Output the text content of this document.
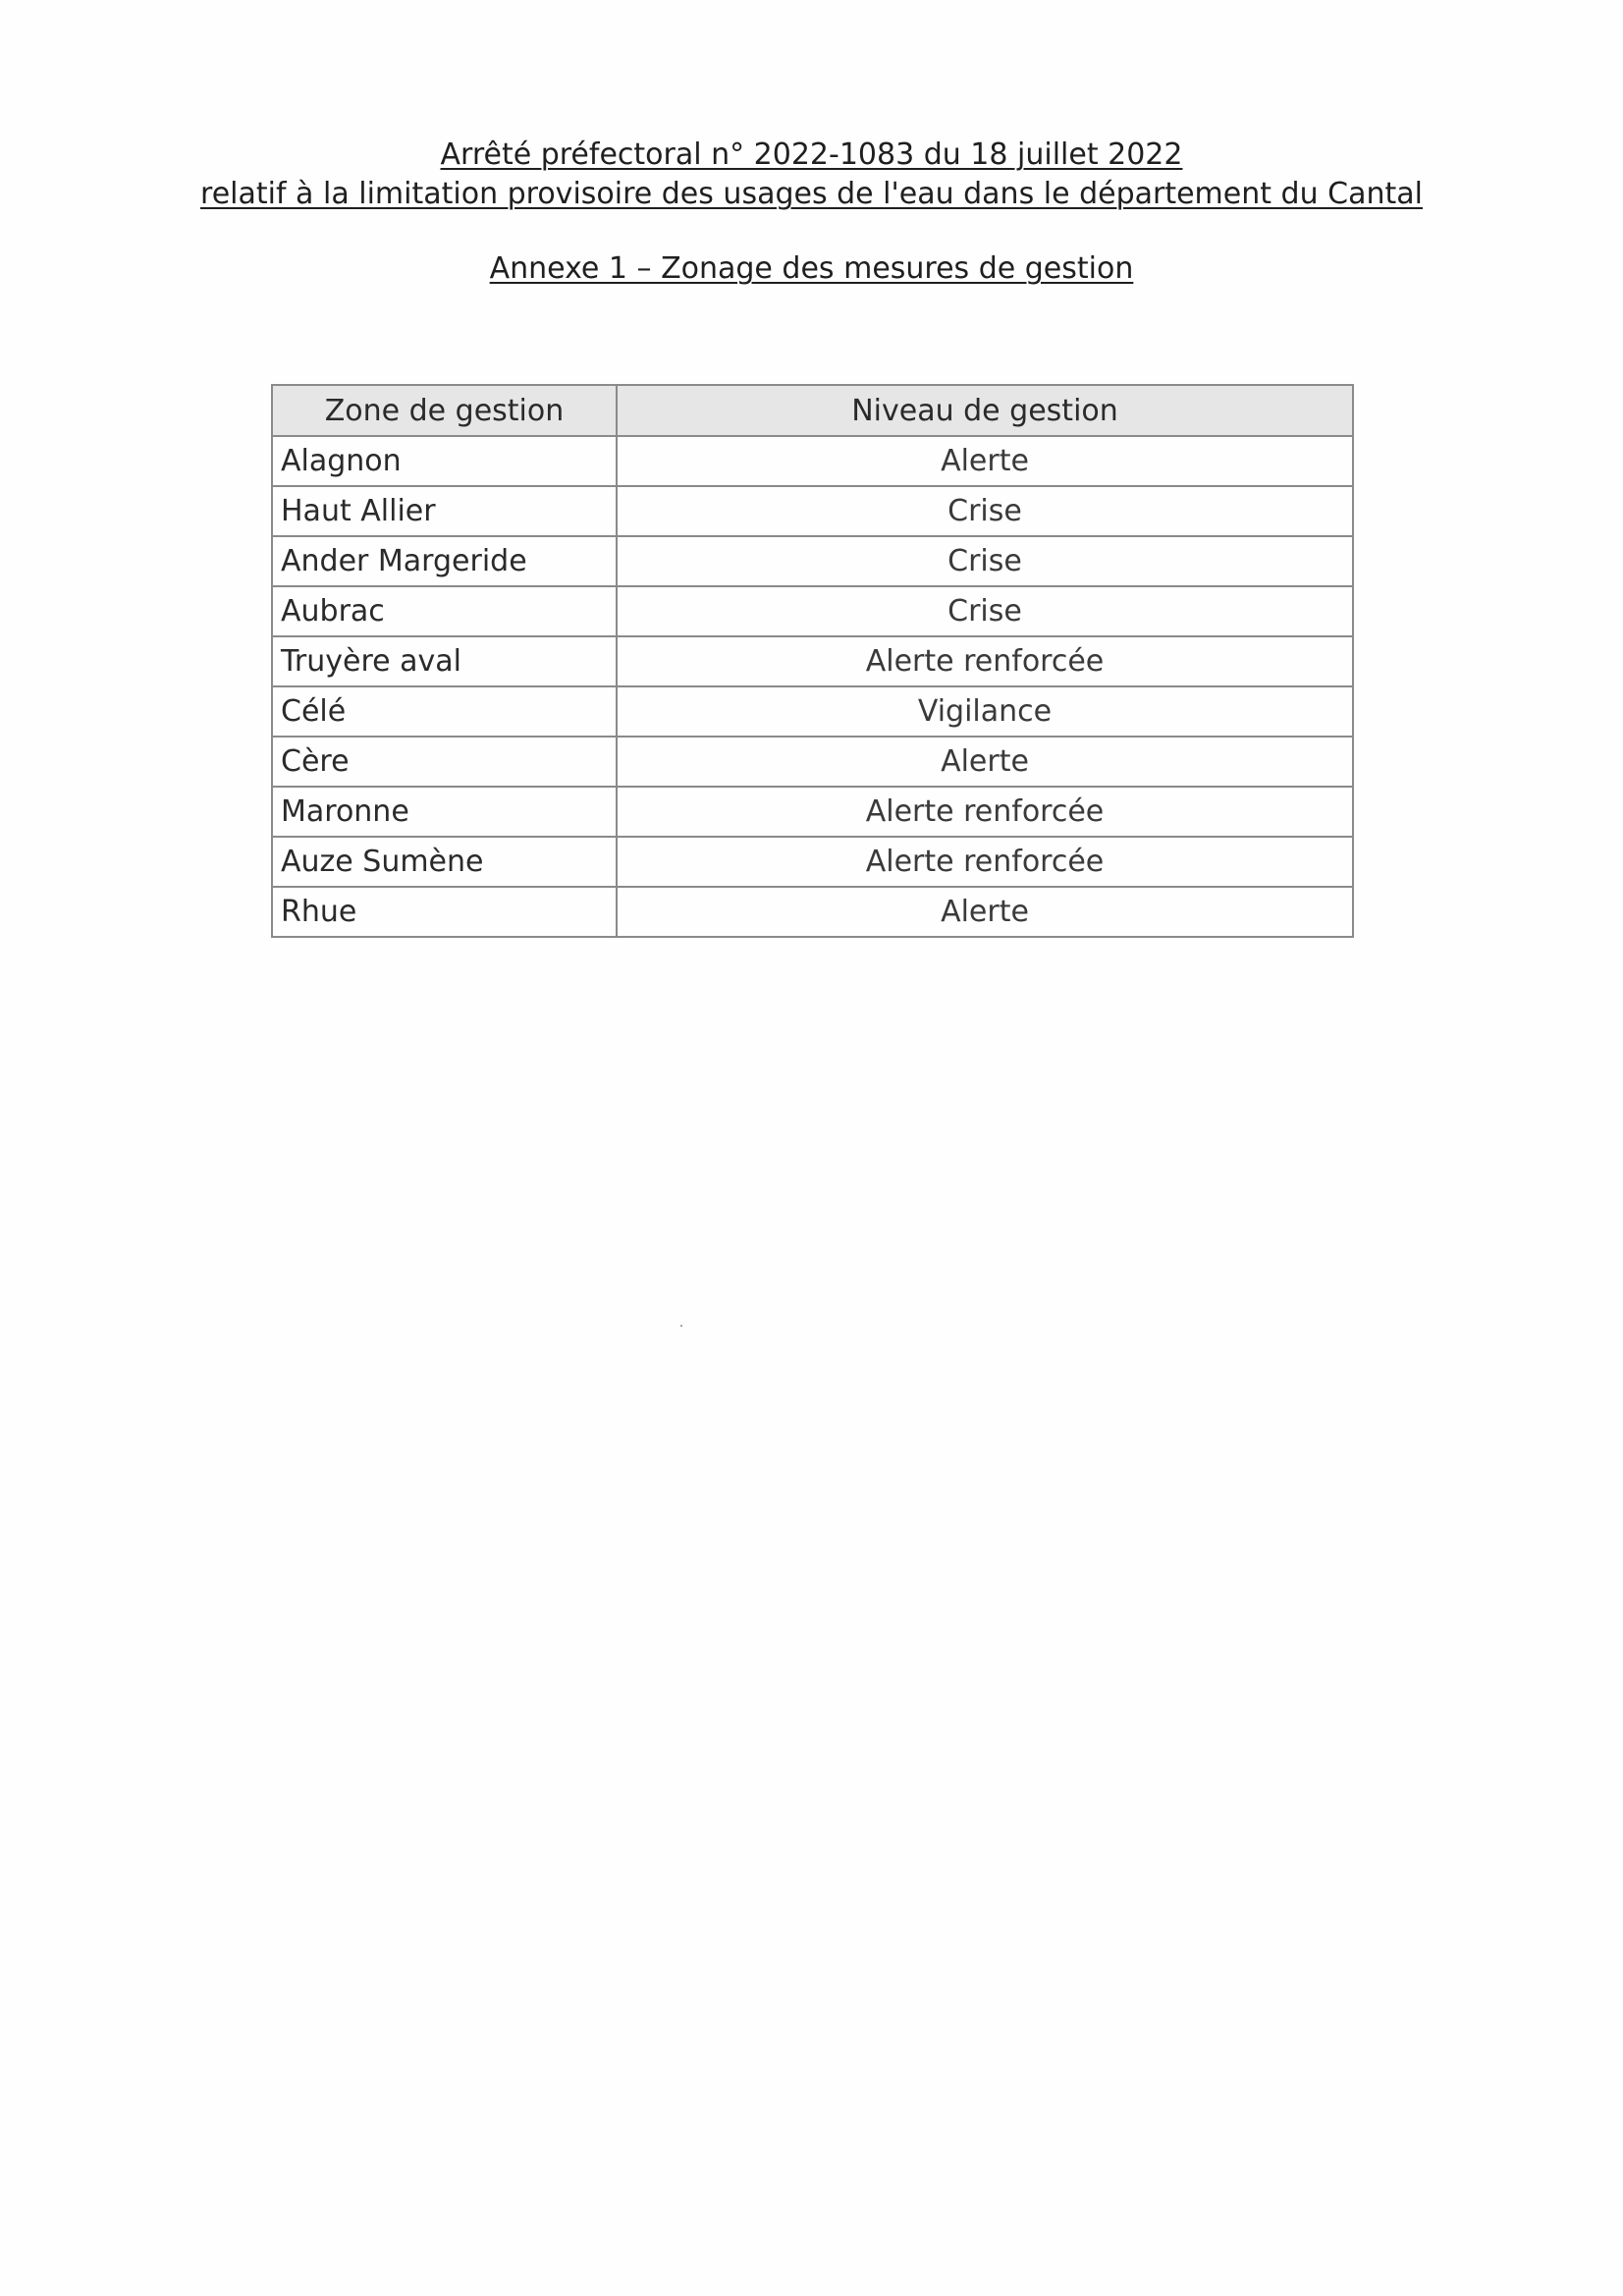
Arrêté préfectoral n° 2022-1083 du 18 juillet 2022
relatif à la limitation provisoire des usages de l'eau dans le département du Cantal
Annexe 1 – Zonage des mesures de gestion
Zone de gestion	Niveau de gestion
Alagnon	Alerte
Haut Allier	Crise
Ander Margeride	Crise
Aubrac	Crise
Truyère aval	Alerte renforcée
Célé	Vigilance
Cère	Alerte
Maronne	Alerte renforcée
Auze Sumène	Alerte renforcée
Rhue	Alerte
